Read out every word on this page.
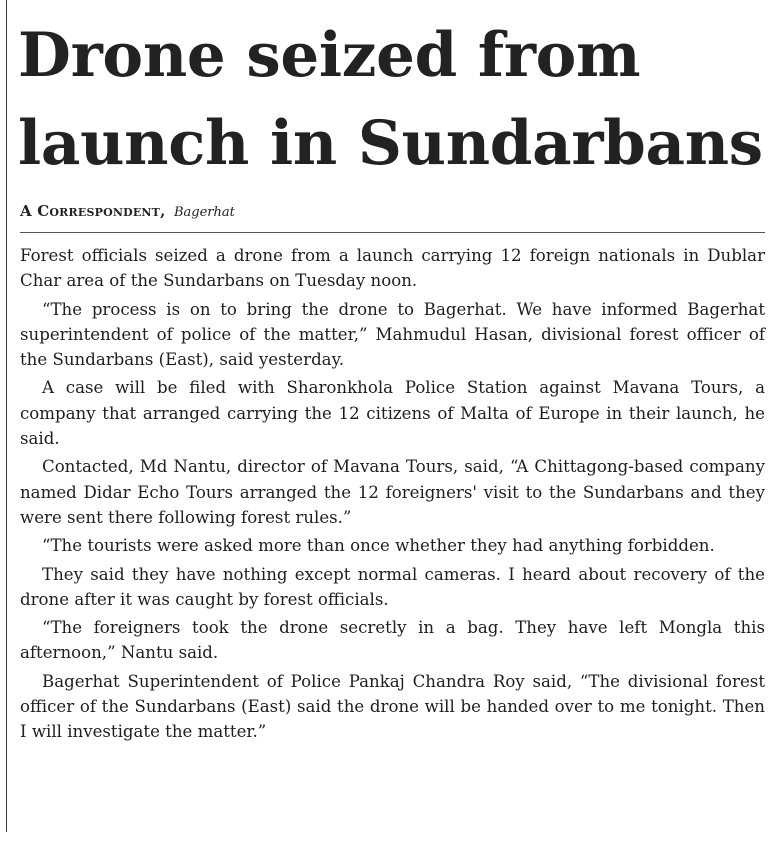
Drone seized from
launch in Sundarbans
A Correspondent, Bagerhat

Forest officials seized a drone from a launch carrying 12 foreign nationals in Dublar Char area of the Sundarbans on Tuesday noon.

“The process is on to bring the drone to Bagerhat. We have informed Bagerhat superintendent of police of the matter,” Mahmudul Hasan, divisional forest officer of the Sundarbans (East), said yesterday.

A case will be filed with Sharonkhola Police Station against Mavana Tours, a company that arranged carrying the 12 citizens of Malta of Europe in their launch, he said.

Contacted, Md Nantu, director of Mavana Tours, said, “A Chittagong-based company named Didar Echo Tours arranged the 12 foreigners' visit to the Sundarbans and they were sent there following forest rules.”

“The tourists were asked more than once whether they had anything forbidden.

They said they have nothing except normal cameras. I heard about recovery of the drone after it was caught by forest officials.

“The foreigners took the drone secretly in a bag. They have left Mongla this afternoon,” Nantu said.

Bagerhat Superintendent of Police Pankaj Chandra Roy said, “The divisional forest officer of the Sundarbans (East) said the drone will be handed over to me tonight. Then I will investigate the matter.”
